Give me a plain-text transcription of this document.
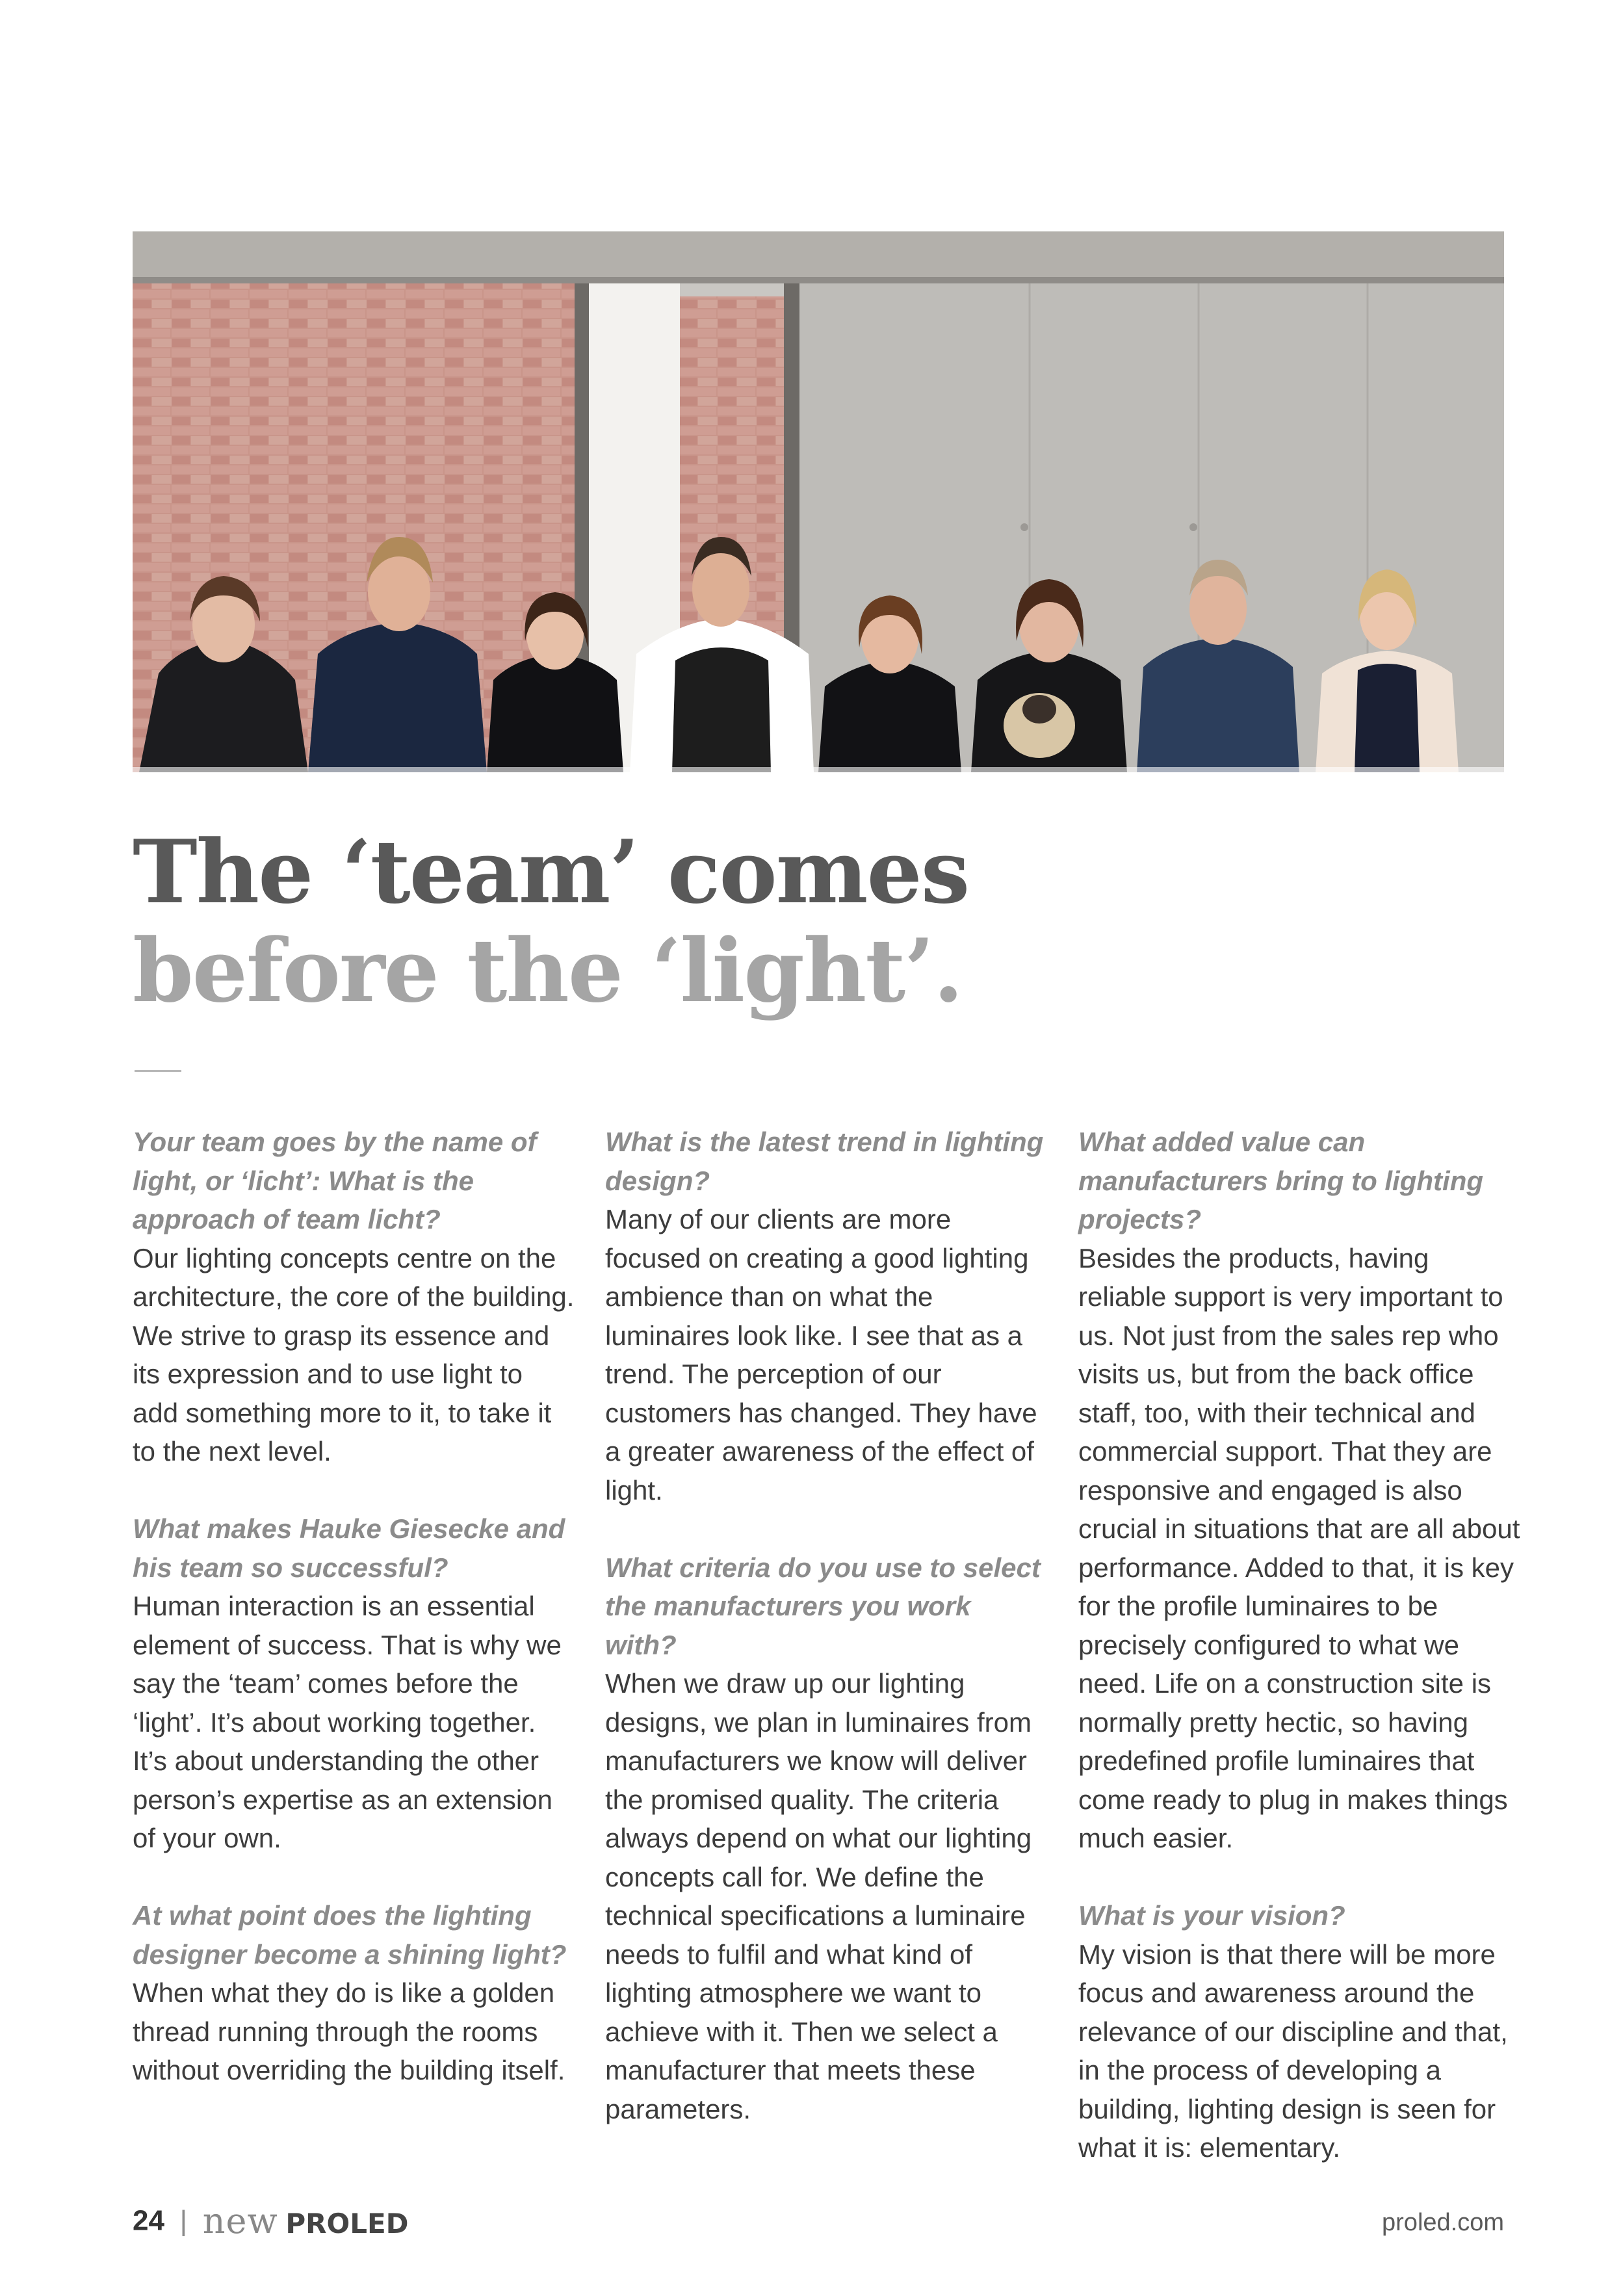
The ‘team’ comes
before the ‘light’.
Your team goes by the name of light, or ‘licht’: What is the approach of team licht?
Our lighting concepts centre on the architecture, the core of the building. We strive to grasp its essence and its expression and to use light to add something more to it, to take it to the next level.
What makes Hauke Giesecke and his team so successful?
Human interaction is an essential element of success. That is why we say the ‘team’ comes before the ‘light’. It’s about working together. It’s about understanding the other person’s expertise as an extension of your own.
At what point does the lighting designer become a shining light?
When what they do is like a golden thread running through the rooms without overriding the building itself.
What is the latest trend in lighting design?
Many of our clients are more focused on creating a good lighting ambience than on what the luminaires look like. I see that as a trend. The perception of our customers has changed. They have a greater awareness of the effect of light.
What criteria do you use to select the manufacturers you work with?
When we draw up our lighting designs, we plan in luminaires from manufacturers we know will deliver the promised quality. The criteria always depend on what our lighting concepts call for. We define the technical specifications a luminaire needs to fulfil and what kind of lighting atmosphere we want to achieve with it. Then we select a manufacturer that meets these parameters.
What added value can manufacturers bring to lighting projects?
Besides the products, having reliable support is very important to us. Not just from the sales rep who visits us, but from the back office staff, too, with their technical and commercial support. That they are responsive and engaged is also crucial in situations that are all about performance. Added to that, it is key for the profile luminaires to be precisely configured to what we need. Life on a construction site is normally pretty hectic, so having predefined profile luminaires that come ready to plug in makes things much easier.
What is your vision?
My vision is that there will be more focus and awareness around the relevance of our discipline and that, in the process of developing a building, lighting design is seen for what it is: elementary.
24 | new PROLED	proled.com
